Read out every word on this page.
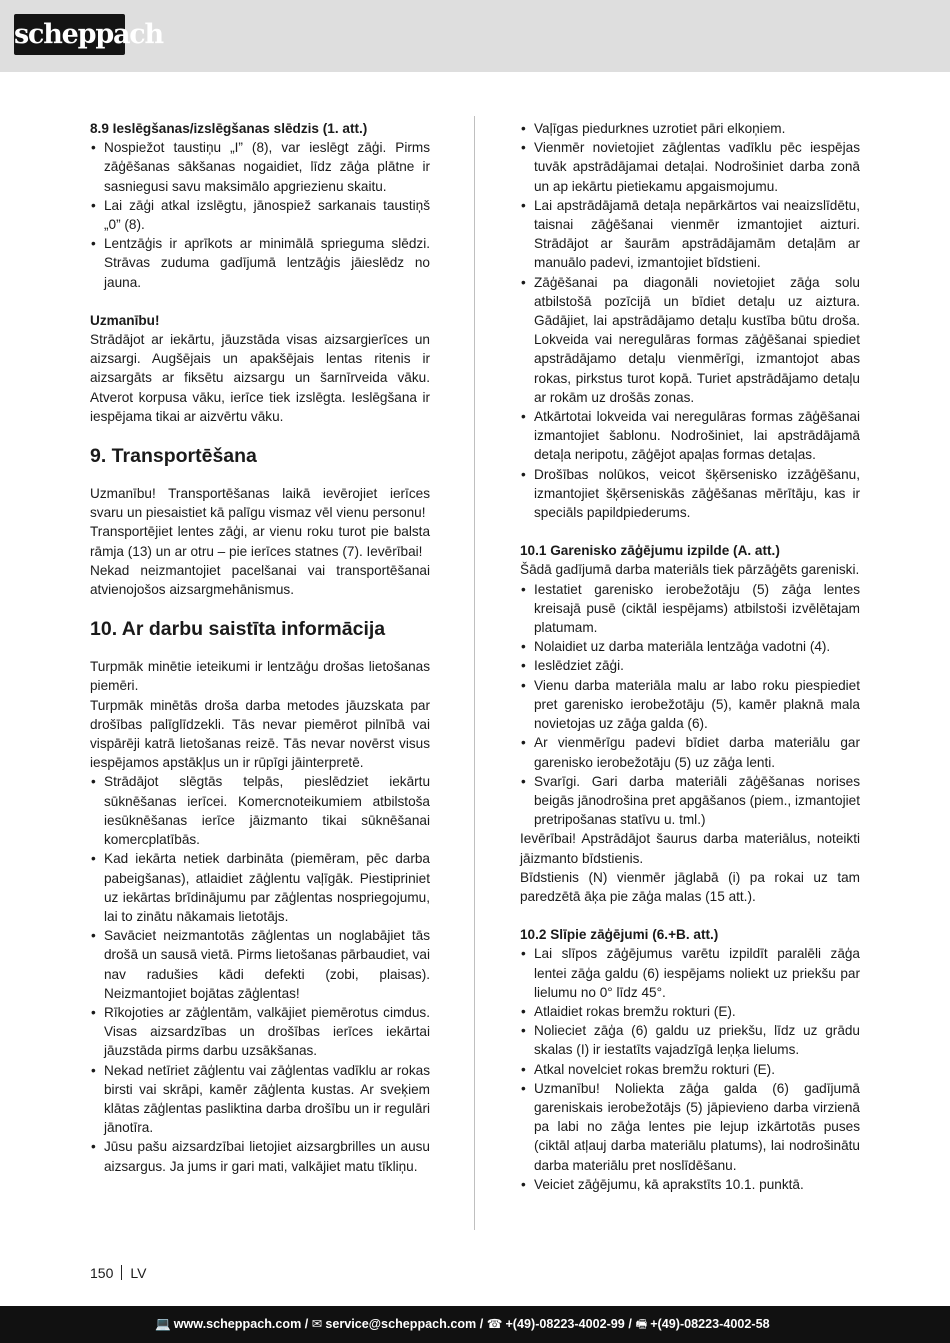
scheppach
8.9 Ieslēgšanas/izslēgšanas slēdzis (1. att.)
• Nospiežot taustiņu „I” (8), var ieslēgt zāģi. Pirms zāģēšanas sākšanas nogaidiet, līdz zāģa plātne ir sasniegusi savu maksimālo apgriezienu skaitu.
• Lai zāģi atkal izslēgtu, jānospiež sarkanais taustiņš „0” (8).
• Lentzāģis ir aprīkots ar minimālā sprieguma slēdzi. Strāvas zuduma gadījumā lentzāģis jāieslēdz no jauna.
Uzmanību!

Strādājot ar iekārtu, jāuzstāda visas aizsargierīces un aizsargi. Augšējais un apakšējais lentas ritenis ir aizsargāts ar fiksētu aizsargu un šarnīrveida vāku. Atverot korpusa vāku, ierīce tiek izslēgta. Ieslēgšana ir iespējama tikai ar aizvērtu vāku.

9. Transportēšana

Uzmanību! Transportēšanas laikā ievērojiet ierīces svaru un piesaistiet kā palīgu vismaz vēl vienu personu!

Transportējiet lentes zāģi, ar vienu roku turot pie balsta rāmja (13) un ar otru – pie ierīces statnes (7). Ievērībai!

Nekad neizmantojiet pacelšanai vai transportēšanai atvienojošos aizsargmehānismus.

10. Ar darbu saistīta informācija

Turpmāk minētie ieteikumi ir lentzāģu drošas lietošanas piemēri.

Turpmāk minētās droša darba metodes jāuzskata par drošības palīglīdzekli. Tās nevar piemērot pilnībā vai vispārēji katrā lietošanas reizē. Tās nevar novērst visus iespējamos apstākļus un ir rūpīgi jāinterpretē.

• Strādājot slēgtās telpās, pieslēdziet iekārtu sūknēšanas ierīcei. Komercnoteikumiem atbilstoša iesūknēšanas ierīce jāizmanto tikai sūknēšanai komercplatībās.
• Kad iekārta netiek darbināta (piemēram, pēc darba pabeigšanas), atlaidiet zāģlentu vaļīgāk. Piestipriniet uz iekārtas brīdinājumu par zāģlentas nospriegojumu, lai to zinātu nākamais lietotājs.
• Savāciet neizmantotās zāģlentas un noglabājiet tās drošā un sausā vietā. Pirms lietošanas pārbaudiet, vai nav radušies kādi defekti (zobi, plaisas). Neizmantojiet bojātas zāģlentas!
• Rīkojoties ar zāģlentām, valkājiet piemērotus cimdus. Visas aizsardzības un drošības ierīces iekārtai jāuzstāda pirms darbu uzsākšanas.
• Nekad netīriet zāģlentu vai zāģlentas vadīklu ar rokas birsti vai skrāpi, kamēr zāģlenta kustas. Ar sveķiem klātas zāģlentas pasliktina darba drošību un ir regulāri jānotīra.
• Jūsu pašu aizsardzībai lietojiet aizsargbrilles un ausu aizsargus. Ja jums ir gari mati, valkājiet matu tīkliņu.
• Vaļīgas piedurknes uzrotiet pāri elkoņiem.
• Vienmēr novietojiet zāģlentas vadīklu pēc iespējas tuvāk apstrādājamai detaļai. Nodrošiniet darba zonā un ap iekārtu pietiekamu apgaismojumu.
• Lai apstrādājamā detaļa nepārkārtos vai neaizslīdētu, taisnai zāģēšanai vienmēr izmantojiet aizturi. Strādājot ar šaurām apstrādājamām detaļām ar manuālo padevi, izmantojiet bīdstieni.
• Zāģēšanai pa diagonāli novietojiet zāģa solu atbilstošā pozīcijā un bīdiet detaļu uz aiztura. Gādājiet, lai apstrādājamo detaļu kustība būtu droša. Lokveida vai neregulāras formas zāģēšanai spiediet apstrādājamo detaļu vienmērīgi, izmantojot abas rokas, pirkstus turot kopā. Turiet apstrādājamo detaļu ar rokām uz drošās zonas.
• Atkārtotai lokveida vai neregulāras formas zāģēšanai izmantojiet šablonu. Nodrošiniet, lai apstrādājamā detaļa neripotu, zāģējot apaļas formas detaļas.
• Drošības nolūkos, veicot šķērsenisko izzāģēšanu, izmantojiet šķērseniskās zāģēšanas mērītāju, kas ir speciāls papildpiederums.
10.1 Garenisko zāģējumu izpilde (A. att.)

Šādā gadījumā darba materiāls tiek pārzāģēts gareniski.

• Iestatiet garenisko ierobežotāju (5) zāģa lentes kreisajā pusē (ciktāl iespējams) atbilstoši izvēlētajam platumam.
• Nolaidiet uz darba materiāla lentzāģa vadotni (4).
• Ieslēdziet zāģi.
• Vienu darba materiāla malu ar labo roku piespiediet pret garenisko ierobežotāju (5), kamēr plaknā mala novietojas uz zāģa galda (6).
• Ar vienmērīgu padevi bīdiet darba materiālu gar garenisko ierobežotāju (5) uz zāģa lenti.
• Svarīgi. Gari darba materiāli zāģēšanas norises beigās jānodrošina pret apgāšanos (piem., izmantojiet pretripošanas statīvu u. tml.)

Ievērībai! Apstrādājot šaurus darba materiālus, noteikti jāizmanto bīdstienis.

Bīdstienis (N) vienmēr jāglabā (i) pa rokai uz tam paredzētā āķa pie zāģa malas (15 att.).

10.2 Slīpie zāģējumi (6.+B. att.)
• Lai slīpos zāģējumus varētu izpildīt paralēli zāģa lentei zāģa galdu (6) iespējams noliekt uz priekšu par lielumu no 0° līdz 45°.
• Atlaidiet rokas bremžu rokturi (E).
• Nolieciet zāģa (6) galdu uz priekšu, līdz uz grādu skalas (I) ir iestatīts vajadzīgā leņķa lielums.
• Atkal novelciet rokas bremžu rokturi (E).
• Uzmanību! Noliekta zāģa galda (6) gadījumā gareniskais ierobežotājs (5) jāpievieno darba virzienā pa labi no zāģa lentes pie lejup izkārtotās puses (ciktāl atļauj darba materiālu platums), lai nodrošinātu darba materiālu pret noslīdēšanu.
• Veiciet zāģējumu, kā aprakstīts 10.1. punktā.
150 LV
💻 www.scheppach.com / ✉ service@scheppach.com / ☎ +(49)-08223-4002-99 / 🖷 +(49)-08223-4002-58
